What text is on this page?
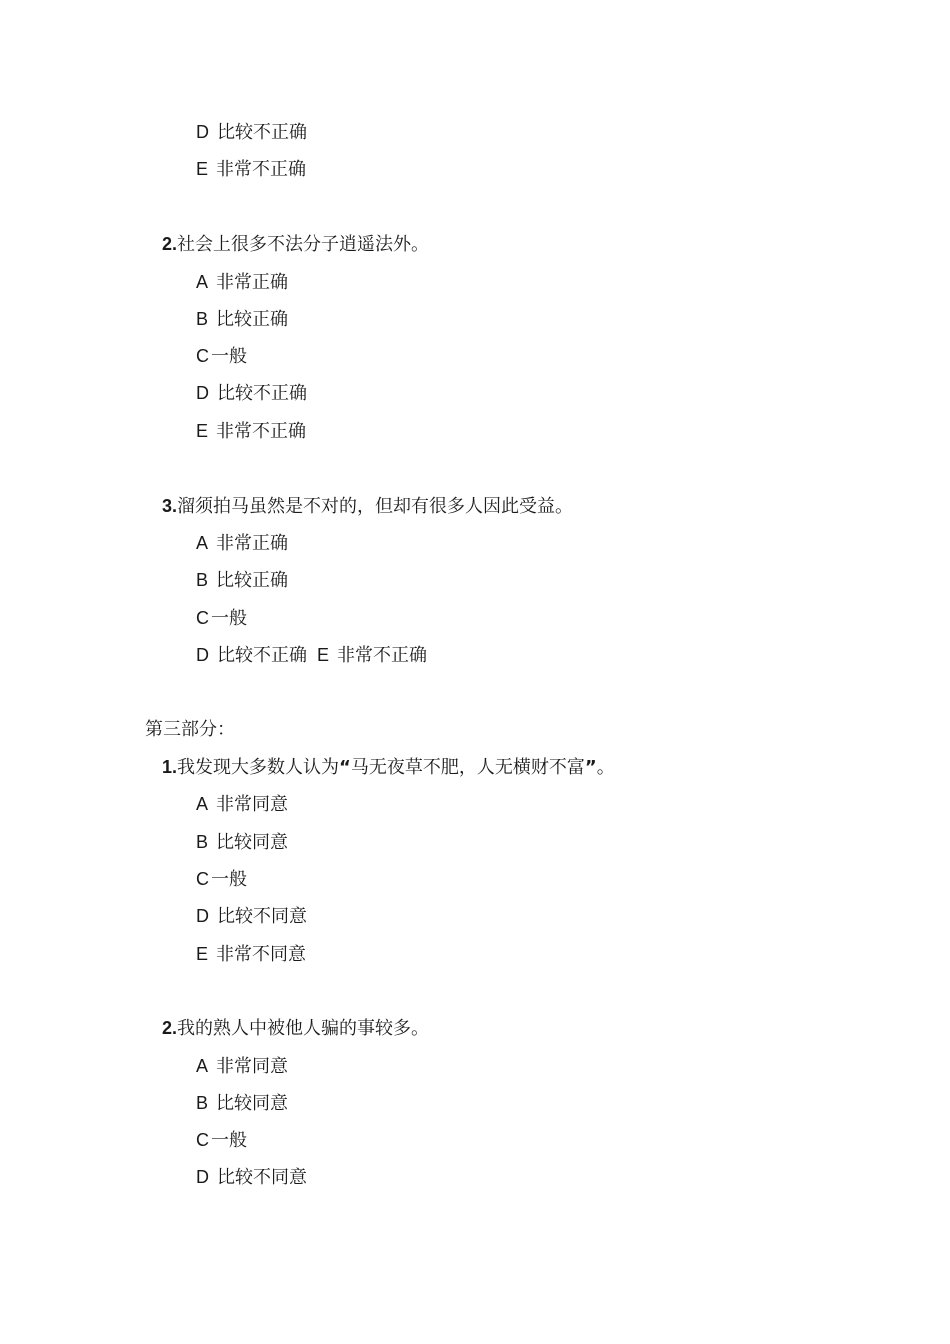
D 比较不正确
E 非常不正确
2.社会上很多不法分子逍遥法外。
A 非常正确
B 比较正确
C 一般
D 比较不正确
E 非常不正确
3.溜须拍马虽然是不对的，但却有很多人因此受益。
A 非常正确
B 比较正确
C 一般
D 比较不正确 E 非常不正确
第三部分：
1.我发现大多数人认为“马无夜草不肥，人无横财不富”。
A 非常同意
B 比较同意
C 一般
D 比较不同意
E 非常不同意
2.我的熟人中被他人骗的事较多。
A 非常同意
B 比较同意
C 一般
D 比较不同意
